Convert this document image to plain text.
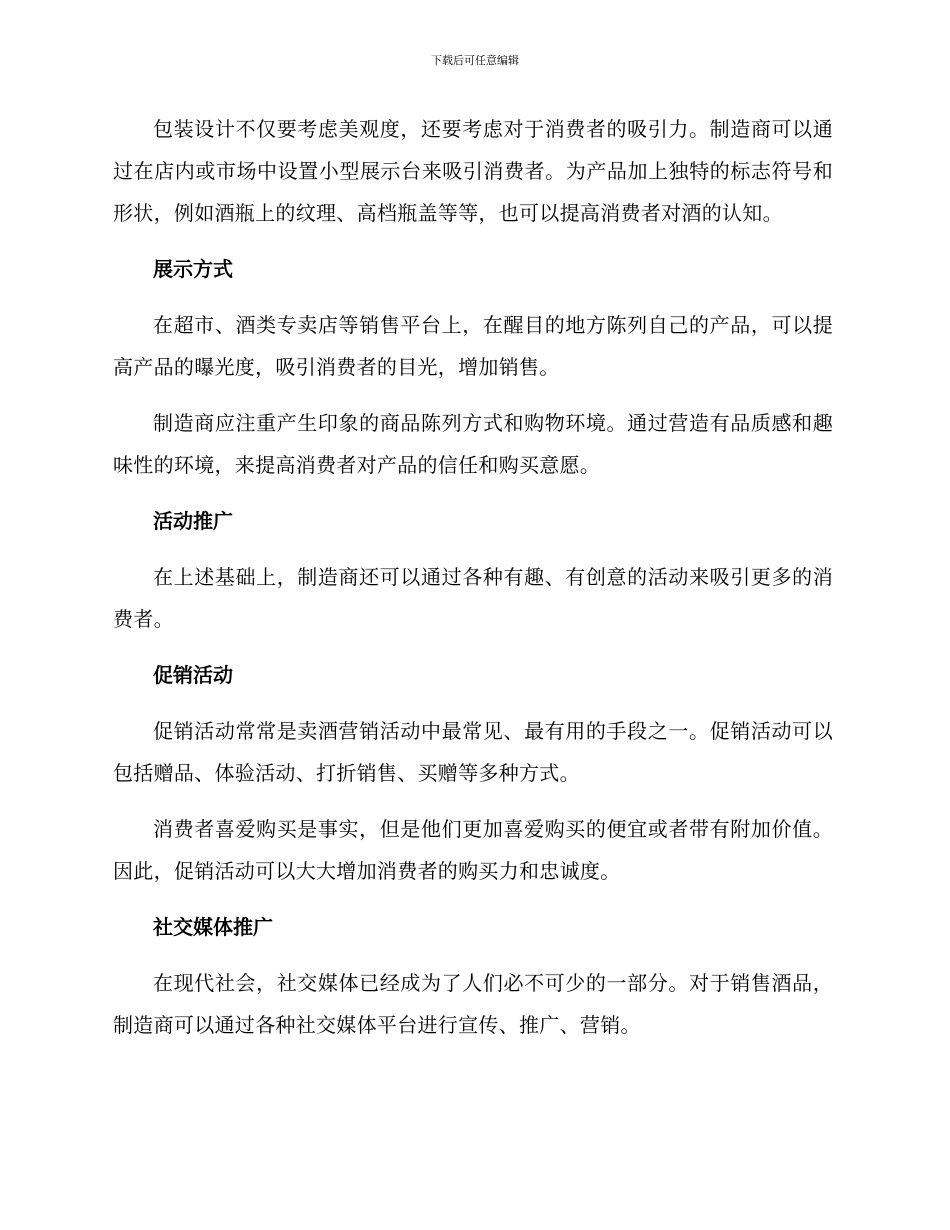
下载后可任意编辑

包装设计不仅要考虑美观度，还要考虑对于消费者的吸引力。制造商可以通过在店内或市场中设置小型展示台来吸引消费者。为产品加上独特的标志符号和形状，例如酒瓶上的纹理、高档瓶盖等等，也可以提高消费者对酒的认知。

展示方式

在超市、酒类专卖店等销售平台上，在醒目的地方陈列自己的产品，可以提高产品的曝光度，吸引消费者的目光，增加销售。

制造商应注重产生印象的商品陈列方式和购物环境。通过营造有品质感和趣味性的环境，来提高消费者对产品的信任和购买意愿。

活动推广

在上述基础上，制造商还可以通过各种有趣、有创意的活动来吸引更多的消费者。

促销活动

促销活动常常是卖酒营销活动中最常见、最有用的手段之一。促销活动可以包括赠品、体验活动、打折销售、买赠等多种方式。

消费者喜爱购买是事实，但是他们更加喜爱购买的便宜或者带有附加价值。因此，促销活动可以大大增加消费者的购买力和忠诚度。

社交媒体推广

在现代社会，社交媒体已经成为了人们必不可少的一部分。对于销售酒品，制造商可以通过各种社交媒体平台进行宣传、推广、营销。
